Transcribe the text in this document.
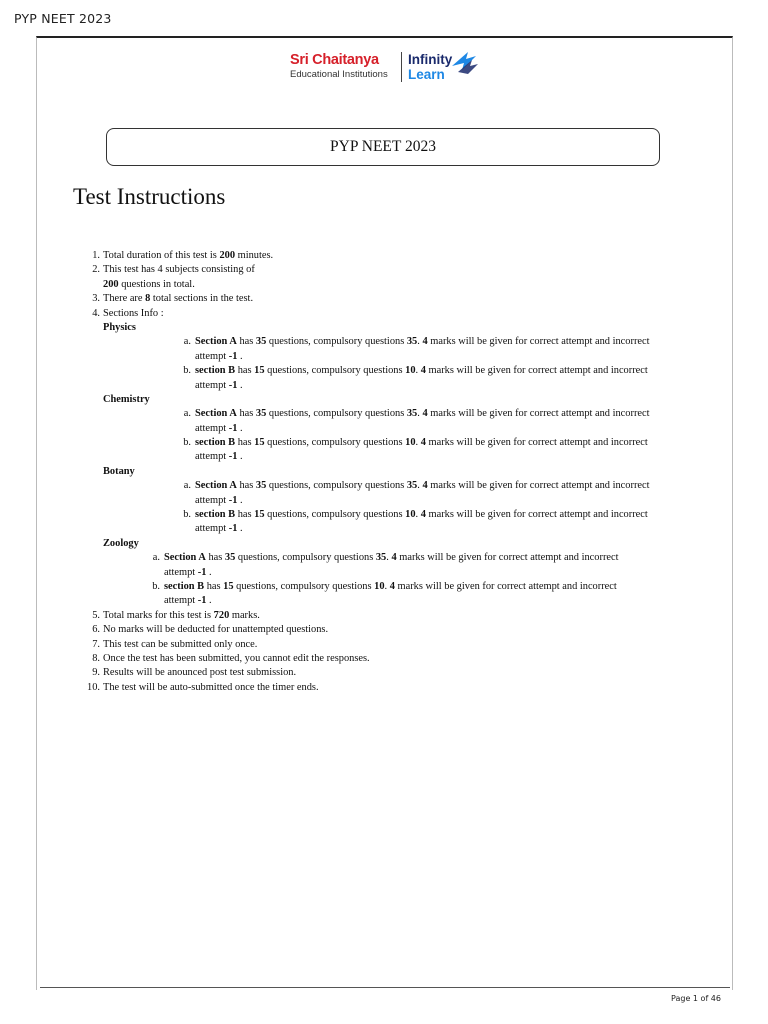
PYP NEET 2023
Sri Chaitanya
Educational Institutions
Infinity
Learn
PYP NEET 2023
Test Instructions
1. Total duration of this test is 200 minutes.
2. This test has 4 subjects consisting of
200 questions in total.
3. There are 8 total sections in the test.
4. Sections Info :
Physics
a. Section A has 35 questions, compulsory questions 35. 4 marks will be given for correct attempt and incorrect
attempt -1 .
b. section B has 15 questions, compulsory questions 10. 4 marks will be given for correct attempt and incorrect
attempt -1 .
Chemistry
a. Section A has 35 questions, compulsory questions 35. 4 marks will be given for correct attempt and incorrect
attempt -1 .
b. section B has 15 questions, compulsory questions 10. 4 marks will be given for correct attempt and incorrect
attempt -1 .
Botany
a. Section A has 35 questions, compulsory questions 35. 4 marks will be given for correct attempt and incorrect
attempt -1 .
b. section B has 15 questions, compulsory questions 10. 4 marks will be given for correct attempt and incorrect
attempt -1 .
Zoology
a. Section A has 35 questions, compulsory questions 35. 4 marks will be given for correct attempt and incorrect
attempt -1 .
b. section B has 15 questions, compulsory questions 10. 4 marks will be given for correct attempt and incorrect
attempt -1 .
5. Total marks for this test is 720 marks.
6. No marks will be deducted for unattempted questions.
7. This test can be submitted only once.
8. Once the test has been submitted, you cannot edit the responses.
9. Results will be anounced post test submission.
10. The test will be auto-submitted once the timer ends.
Page 1 of 46
